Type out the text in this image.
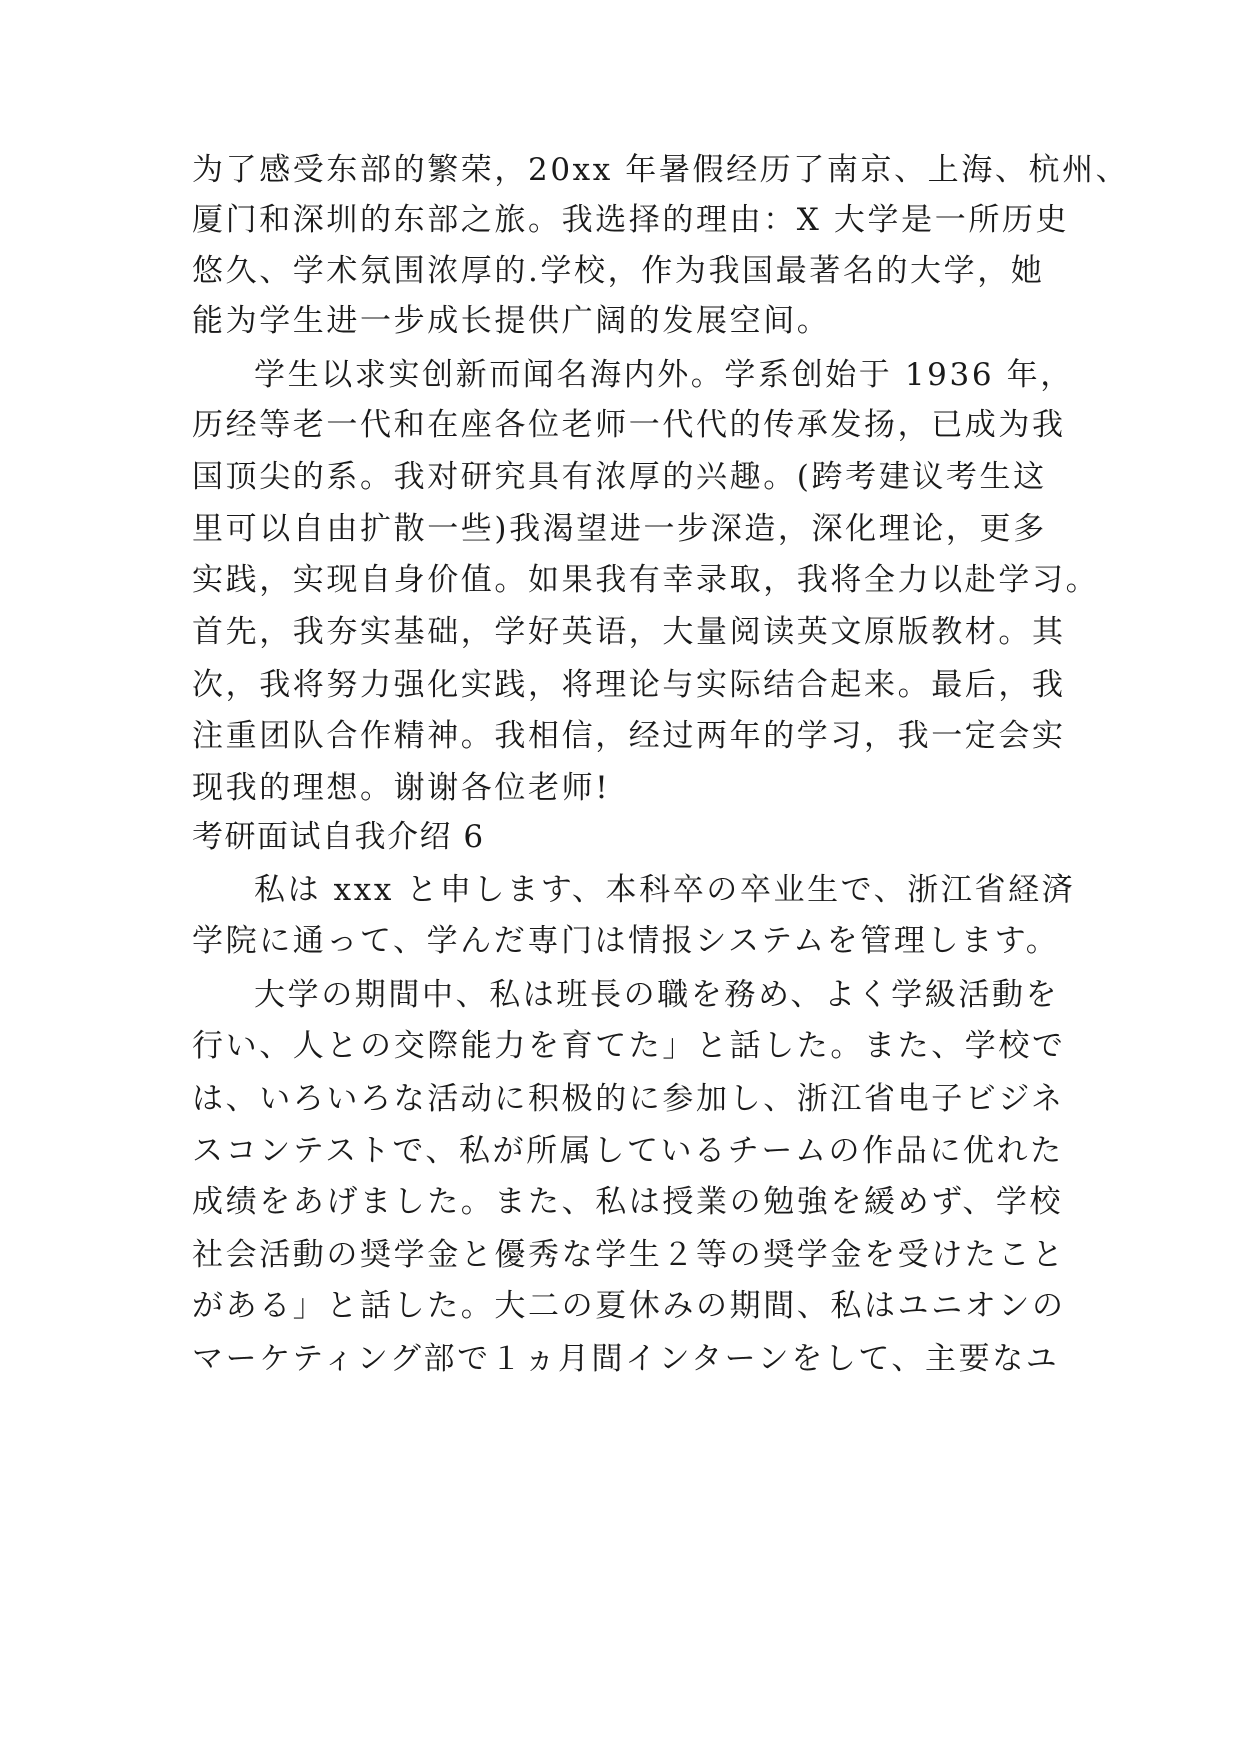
为了感受东部的繁荣，20xx 年暑假经历了南京、上海、杭州、
厦门和深圳的东部之旅。我选择的理由：X 大学是一所历史
悠久、学术氛围浓厚的.学校，作为我国最著名的大学，她
能为学生进一步成长提供广阔的发展空间。
学生以求实创新而闻名海内外。学系创始于 1936 年，
历经等老一代和在座各位老师一代代的传承发扬，已成为我
国顶尖的系。我对研究具有浓厚的兴趣。(跨考建议考生这
里可以自由扩散一些)我渴望进一步深造，深化理论，更多
实践，实现自身价值。如果我有幸录取，我将全力以赴学习。
首先，我夯实基础，学好英语，大量阅读英文原版教材。其
次，我将努力强化实践，将理论与实际结合起来。最后，我
注重团队合作精神。我相信，经过两年的学习，我一定会实
现我的理想。谢谢各位老师!
考研面试自我介绍 6
私は xxx と申します、本科卒の卒业生で、浙江省経済
学院に通って、学んだ専门は情报システムを管理します。
大学の期間中、私は班長の職を務め、よく学級活動を
行い、人との交際能力を育てた」と話した。また、学校で
は、いろいろな活动に积极的に参加し、浙江省电子ビジネ
スコンテストで、私が所属しているチームの作品に优れた
成绩をあげました。また、私は授業の勉強を緩めず、学校
社会活動の奨学金と優秀な学生２等の奨学金を受けたこと
がある」と話した。大二の夏休みの期間、私はユニオンの
マーケティング部で１ヵ月間インターンをして、主要なユ
